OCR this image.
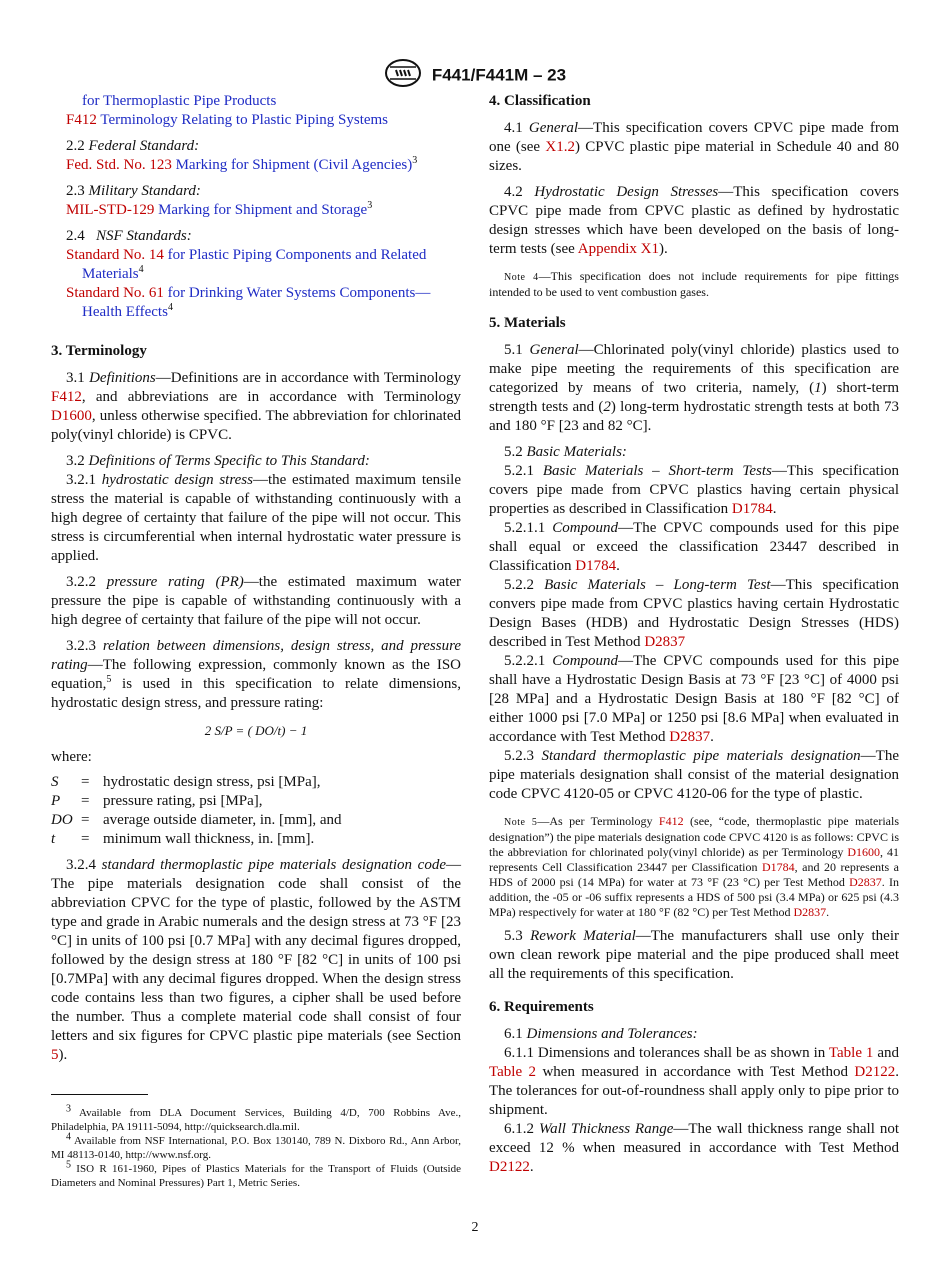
F441/F441M – 23

for Thermoplastic Pipe Products

F412 Terminology Relating to Plastic Piping Systems

2.2 Federal Standard:

Fed. Std. No. 123 Marking for Shipment (Civil Agencies)$^3$

2.3 Military Standard:

MIL-STD-129 Marking for Shipment and Storage$^3$

2.4 NSF Standards:

Standard No. 14 for Plastic Piping Components and Related Materials$^4$

Standard No. 61 for Drinking Water Systems Components—Health Effects$^4$

3. Terminology

3.1 Definitions—Definitions are in accordance with Terminology F412, and abbreviations are in accordance with Terminology D1600, unless otherwise specified. The abbreviation for chlorinated poly(vinyl chloride) is CPVC.

3.2 Definitions of Terms Specific to This Standard:

3.2.1 hydrostatic design stress—the estimated maximum tensile stress the material is capable of withstanding continuously with a high degree of certainty that failure of the pipe will not occur. This stress is circumferential when internal hydrostatic water pressure is applied.

3.2.2 pressure rating (PR)—the estimated maximum water pressure the pipe is capable of withstanding continuously with a high degree of certainty that failure of the pipe will not occur.

3.2.3 relation between dimensions, design stress, and pressure rating—The following expression, commonly known as the ISO equation,$^5$ is used in this specification to relate dimensions, hydrostatic design stress, and pressure rating:

2 S/P = ( DO/t) − 1

where:

S	=	hydrostatic design stress, psi [MPa],
P	=	pressure rating, psi [MPa],
DO	=	average outside diameter, in. [mm], and
t	=	minimum wall thickness, in. [mm].

3.2.4 standard thermoplastic pipe materials designation code—The pipe materials designation code shall consist of the abbreviation CPVC for the type of plastic, followed by the ASTM type and grade in Arabic numerals and the design stress at 73 °F [23 °C] in units of 100 psi [0.7 MPa] with any decimal figures dropped, followed by the design stress at 180 °F [82 °C] in units of 100 psi [0.7MPa] with any decimal figures dropped. When the design stress code contains less than two figures, a cipher shall be used before the number. Thus a complete material code shall consist of four letters and six figures for CPVC plastic pipe materials (see Section 5).

$^3$ Available from DLA Document Services, Building 4/D, 700 Robbins Ave., Philadelphia, PA 19111-5094, http://quicksearch.dla.mil.

$^4$ Available from NSF International, P.O. Box 130140, 789 N. Dixboro Rd., Ann Arbor, MI 48113-0140, http://www.nsf.org.

$^5$ ISO R 161-1960, Pipes of Plastics Materials for the Transport of Fluids (Outside Diameters and Nominal Pressures) Part 1, Metric Series.

4. Classification

4.1 General—This specification covers CPVC pipe made from one (see X1.2) CPVC plastic pipe material in Schedule 40 and 80 sizes.

4.2 Hydrostatic Design Stresses—This specification covers CPVC pipe made from CPVC plastic as defined by hydrostatic design stresses which have been developed on the basis of long-term tests (see Appendix X1).

Note 4—This specification does not include requirements for pipe fittings intended to be used to vent combustion gases.

5. Materials

5.1 General—Chlorinated poly(vinyl chloride) plastics used to make pipe meeting the requirements of this specification are categorized by means of two criteria, namely, (1) short-term strength tests and (2) long-term hydrostatic strength tests at both 73 and 180 °F [23 and 82 °C].

5.2 Basic Materials:

5.2.1 Basic Materials – Short-term Tests—This specification covers pipe made from CPVC plastics having certain physical properties as described in Classification D1784.

5.2.1.1 Compound—The CPVC compounds used for this pipe shall equal or exceed the classification 23447 described in Classification D1784.

5.2.2 Basic Materials – Long-term Test—This specification convers pipe made from CPVC plastics having certain Hydrostatic Design Bases (HDB) and Hydrostatic Design Stresses (HDS) described in Test Method D2837

5.2.2.1 Compound—The CPVC compounds used for this pipe shall have a Hydrostatic Design Basis at 73 °F [23 °C] of 4000 psi [28 MPa] and a Hydrostatic Design Basis at 180 °F [82 °C] of either 1000 psi [7.0 MPa] or 1250 psi [8.6 MPa] when evaluated in accordance with Test Method D2837.

5.2.3 Standard thermoplastic pipe materials designation—The pipe materials designation shall consist of the material designation code CPVC 4120-05 or CPVC 4120-06 for the type of plastic.

Note 5—As per Terminology F412 (see, “code, thermoplastic pipe materials designation”) the pipe materials designation code CPVC 4120 is as follows: CPVC is the abbreviation for chlorinated poly(vinyl chloride) as per Terminology D1600, 41 represents Cell Classification 23447 per Classification D1784, and 20 represents a HDS of 2000 psi (14 MPa) for water at 73 °F (23 °C) per Test Method D2837. In addition, the -05 or -06 suffix represents a HDS of 500 psi (3.4 MPa) or 625 psi (4.3 MPa) respectively for water at 180 °F (82 °C) per Test Method D2837.

5.3 Rework Material—The manufacturers shall use only their own clean rework pipe material and the pipe produced shall meet all the requirements of this specification.

6. Requirements

6.1 Dimensions and Tolerances:

6.1.1 Dimensions and tolerances shall be as shown in Table 1 and Table 2 when measured in accordance with Test Method D2122. The tolerances for out-of-roundness shall apply only to pipe prior to shipment.

6.1.2 Wall Thickness Range—The wall thickness range shall not exceed 12 % when measured in accordance with Test Method D2122.

2
